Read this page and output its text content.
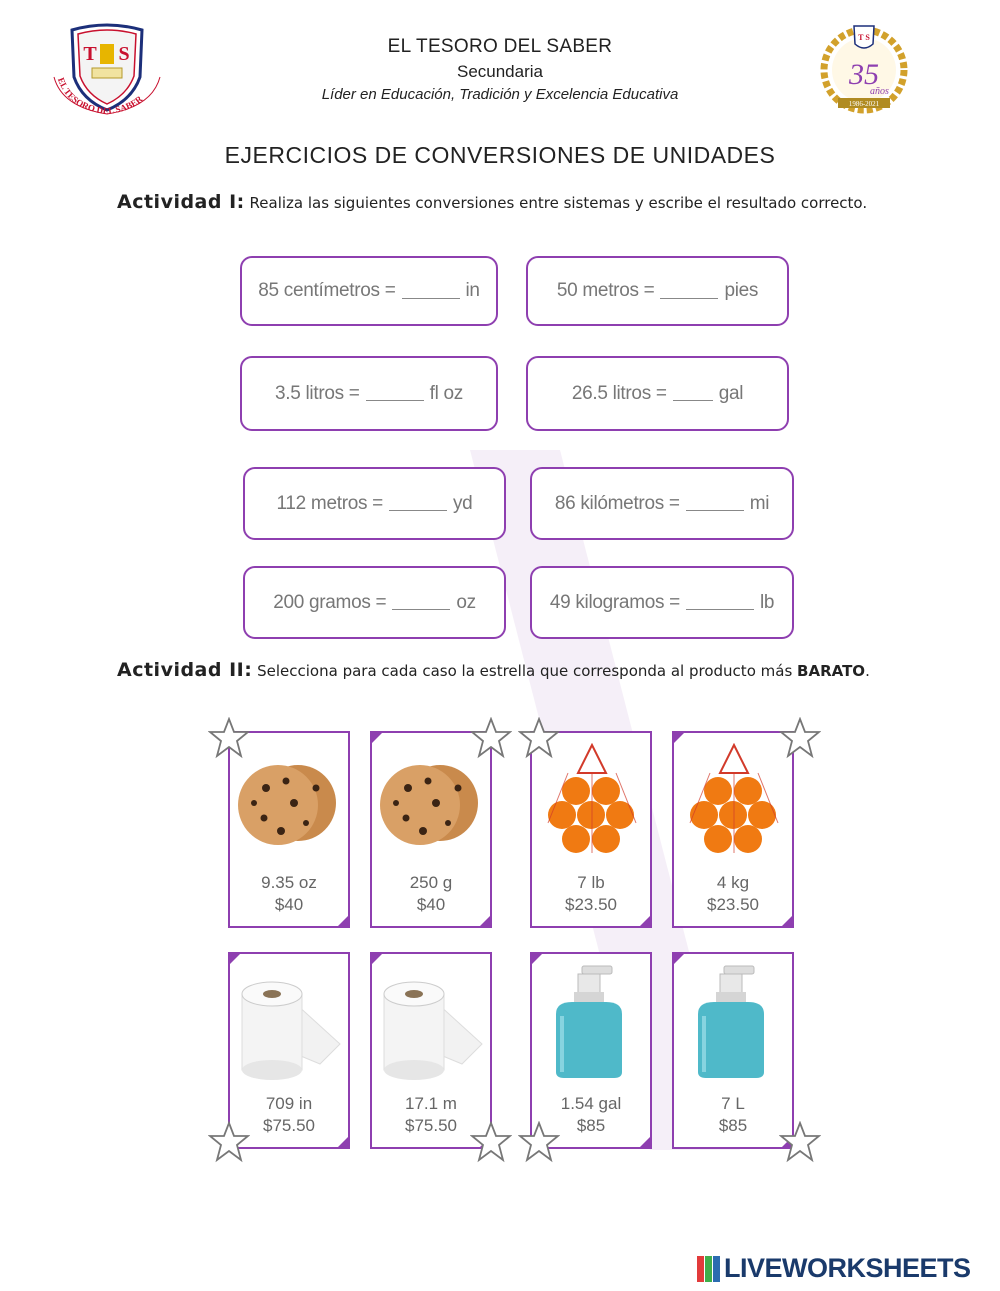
T S
EL TESORO DEL SABER
T S
35
años
1986-2021
EL TESORO DEL SABER
Secundaria
Líder en Educación, Tradición y Excelencia Educativa
EJERCICIOS DE CONVERSIONES DE UNIDADES
Actividad I: Realiza las siguientes conversiones entre sistemas y escribe el resultado correcto.
85 centímetros =	in	50 metros =	pies
3.5 litros =	fl oz	26.5 litros =	gal
112 metros =	yd	86 kilómetros =	mi
200 gramos =	oz	49 kilogramos =	lb
Actividad II: Selecciona para cada caso la estrella que corresponda al producto más BARATO.
9.35 oz
$40
250 g
$40
7 lb
$23.50
4 kg
$23.50
709 in
$75.50
17.1 m
$75.50
1.54 gal
$85
7 L
$85
LIVEWORKSHEETS
